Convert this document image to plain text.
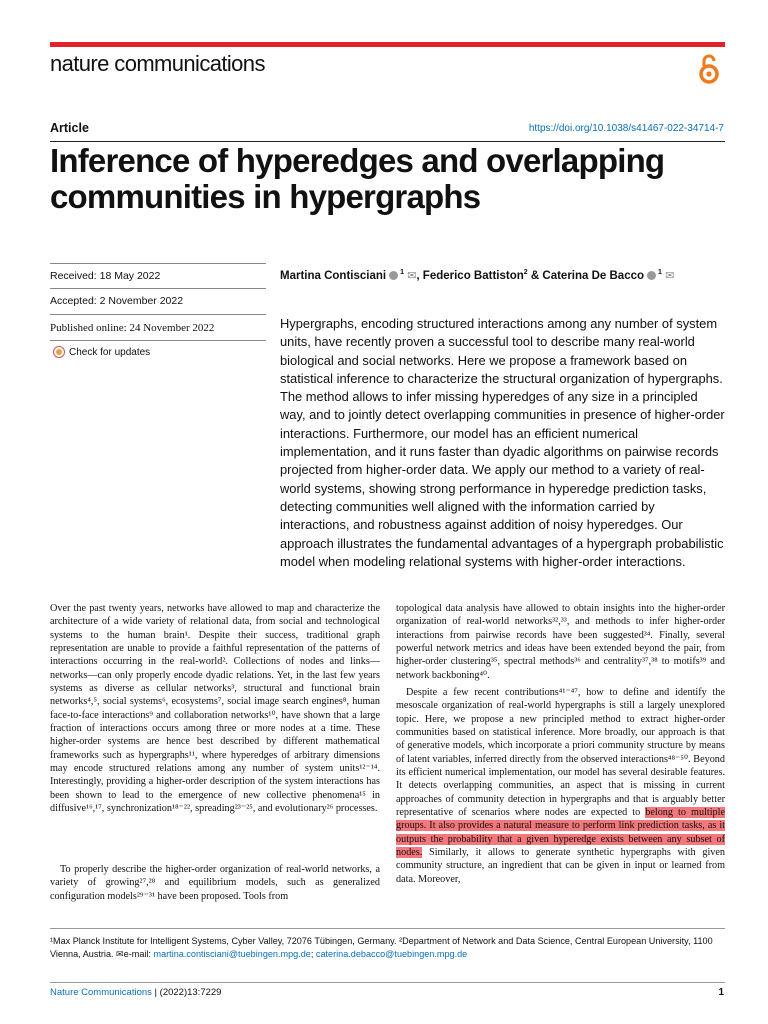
nature communications
Article	https://doi.org/10.1038/s41467-022-34714-7
Inference of hyperedges and overlapping
communities in hypergraphs
Received: 18 May 2022
Accepted: 2 November 2022
Published online: 24 November 2022
Check for updates
Martina Contisciani $^1$ ✉, Federico Battiston$^2$ & Caterina De Bacco $^1$ ✉

Hypergraphs, encoding structured interactions among any number of system units, have recently proven a successful tool to describe many real-world biological and social networks. Here we propose a framework based on statistical inference to characterize the structural organization of hypergraphs. The method allows to infer missing hyperedges of any size in a principled way, and to jointly detect overlapping communities in presence of higher-order interactions. Furthermore, our model has an efficient numerical implementation, and it runs faster than dyadic algorithms on pairwise records projected from higher-order data. We apply our method to a variety of real-world systems, showing strong performance in hyperedge prediction tasks, detecting communities well aligned with the information carried by interactions, and robustness against addition of noisy hyperedges. Our approach illustrates the fundamental advantages of a hypergraph probabilistic model when modeling relational systems with higher-order interactions.

Over the past twenty years, networks have allowed to map and characterize the architecture of a wide variety of relational data, from social and technological systems to the human brain¹. Despite their success, traditional graph representation are unable to provide a faithful representation of the patterns of interactions occurring in the real-world². Collections of nodes and links—networks—can only properly encode dyadic relations. Yet, in the last few years systems as diverse as cellular networks³, structural and functional brain networks⁴,⁵, social systems⁶, ecosystems⁷, social image search engines⁸, human face-to-face interactions⁹ and collaboration networks¹⁰, have shown that a large fraction of interactions occurs among three or more nodes at a time. These higher-order systems are hence best described by different mathematical frameworks such as hypergraphs¹¹, where hyperedges of arbitrary dimensions may encode structured relations among any number of system units¹²⁻¹⁴. Interestingly, providing a higher-order description of the system interactions has been shown to lead to the emergence of new collective phenomena¹⁵ in diffusive¹⁶,¹⁷, synchronization¹⁸⁻²², spreading²³⁻²⁵, and evolutionary²⁶ processes.

To properly describe the higher-order organization of real-world networks, a variety of growing²⁷,²⁸ and equilibrium models, such as generalized configuration models²⁹⁻³¹ have been proposed. Tools from

topological data analysis have allowed to obtain insights into the higher-order organization of real-world networks³²,³³, and methods to infer higher-order interactions from pairwise records have been suggested³⁴. Finally, several powerful network metrics and ideas have been extended beyond the pair, from higher-order clustering³⁵, spectral methods³⁶ and centrality³⁷,³⁸ to motifs³⁹ and network backboning⁴⁰.

Despite a few recent contributions⁴¹⁻⁴⁷, how to define and identify the mesoscale organization of real-world hypergraphs is still a largely unexplored topic. Here, we propose a new principled method to extract higher-order communities based on statistical inference. More broadly, our approach is that of generative models, which incorporate a priori community structure by means of latent variables, inferred directly from the observed interactions⁴⁸⁻⁵⁰. Beyond its efficient numerical implementation, our model has several desirable features. It detects overlapping communities, an aspect that is missing in current approaches of community detection in hypergraphs and that is arguably better representative of scenarios where nodes are expected to belong to multiple groups. It also provides a natural measure to perform link prediction tasks, as it outputs the probability that a given hyperedge exists between any subset of nodes. Similarly, it allows to generate synthetic hypergraphs with given community structure, an ingredient that can be given in input or learned from data. Moreover,

¹Max Planck Institute for Intelligent Systems, Cyber Valley, 72076 Tübingen, Germany. ²Department of Network and Data Science, Central European University, 1100 Vienna, Austria. ✉e-mail: martina.contisciani@tuebingen.mpg.de; caterina.debacco@tuebingen.mpg.de

Nature Communications | (2022)13:7229	1
